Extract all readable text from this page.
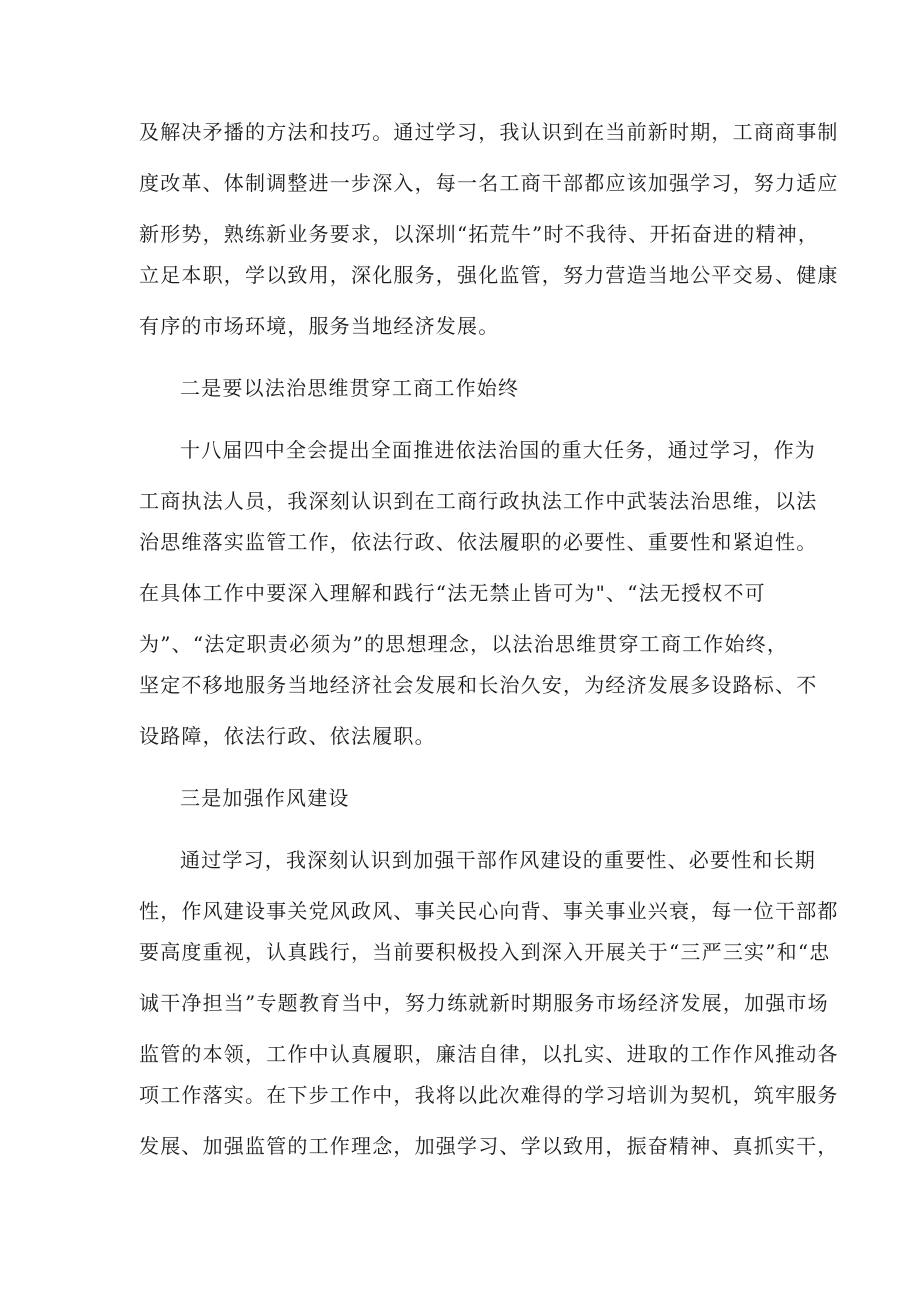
及解决矛播的方法和技巧。通过学习，我认识到在当前新时期，工商商事制
度改革、体制调整进一步深入，每一名工商干部都应该加强学习，努力适应
新形势，熟练新业务要求，以深圳“拓荒牛”时不我待、开拓奋进的精神，
立足本职，学以致用，深化服务，强化监管，努力营造当地公平交易、健康
有序的市场环境，服务当地经济发展。
二是要以法治思维贯穿工商工作始终
十八届四中全会提出全面推进依法治国的重大任务，通过学习，作为
工商执法人员，我深刻认识到在工商行政执法工作中武装法治思维，以法
治思维落实监管工作，依法行政、依法履职的必要性、重要性和紧迫性。
在具体工作中要深入理解和践行“法无禁止皆可为"、“法无授权不可
为”、“法定职责必须为”的思想理念，以法治思维贯穿工商工作始终，
坚定不移地服务当地经济社会发展和长治久安，为经济发展多设路标、不
设路障，依法行政、依法履职。
三是加强作风建设
通过学习，我深刻认识到加强干部作风建设的重要性、必要性和长期
性，作风建设事关党风政风、事关民心向背、事关事业兴衰，每一位干部都
要高度重视，认真践行，当前要积极投入到深入开展关于“三严三实”和“忠
诚干净担当”专题教育当中，努力练就新时期服务市场经济发展，加强市场
监管的本领，工作中认真履职，廉洁自律，以扎实、进取的工作作风推动各
项工作落实。在下步工作中，我将以此次难得的学习培训为契机，筑牢服务
发展、加强监管的工作理念，加强学习、学以致用，振奋精神、真抓实干，
